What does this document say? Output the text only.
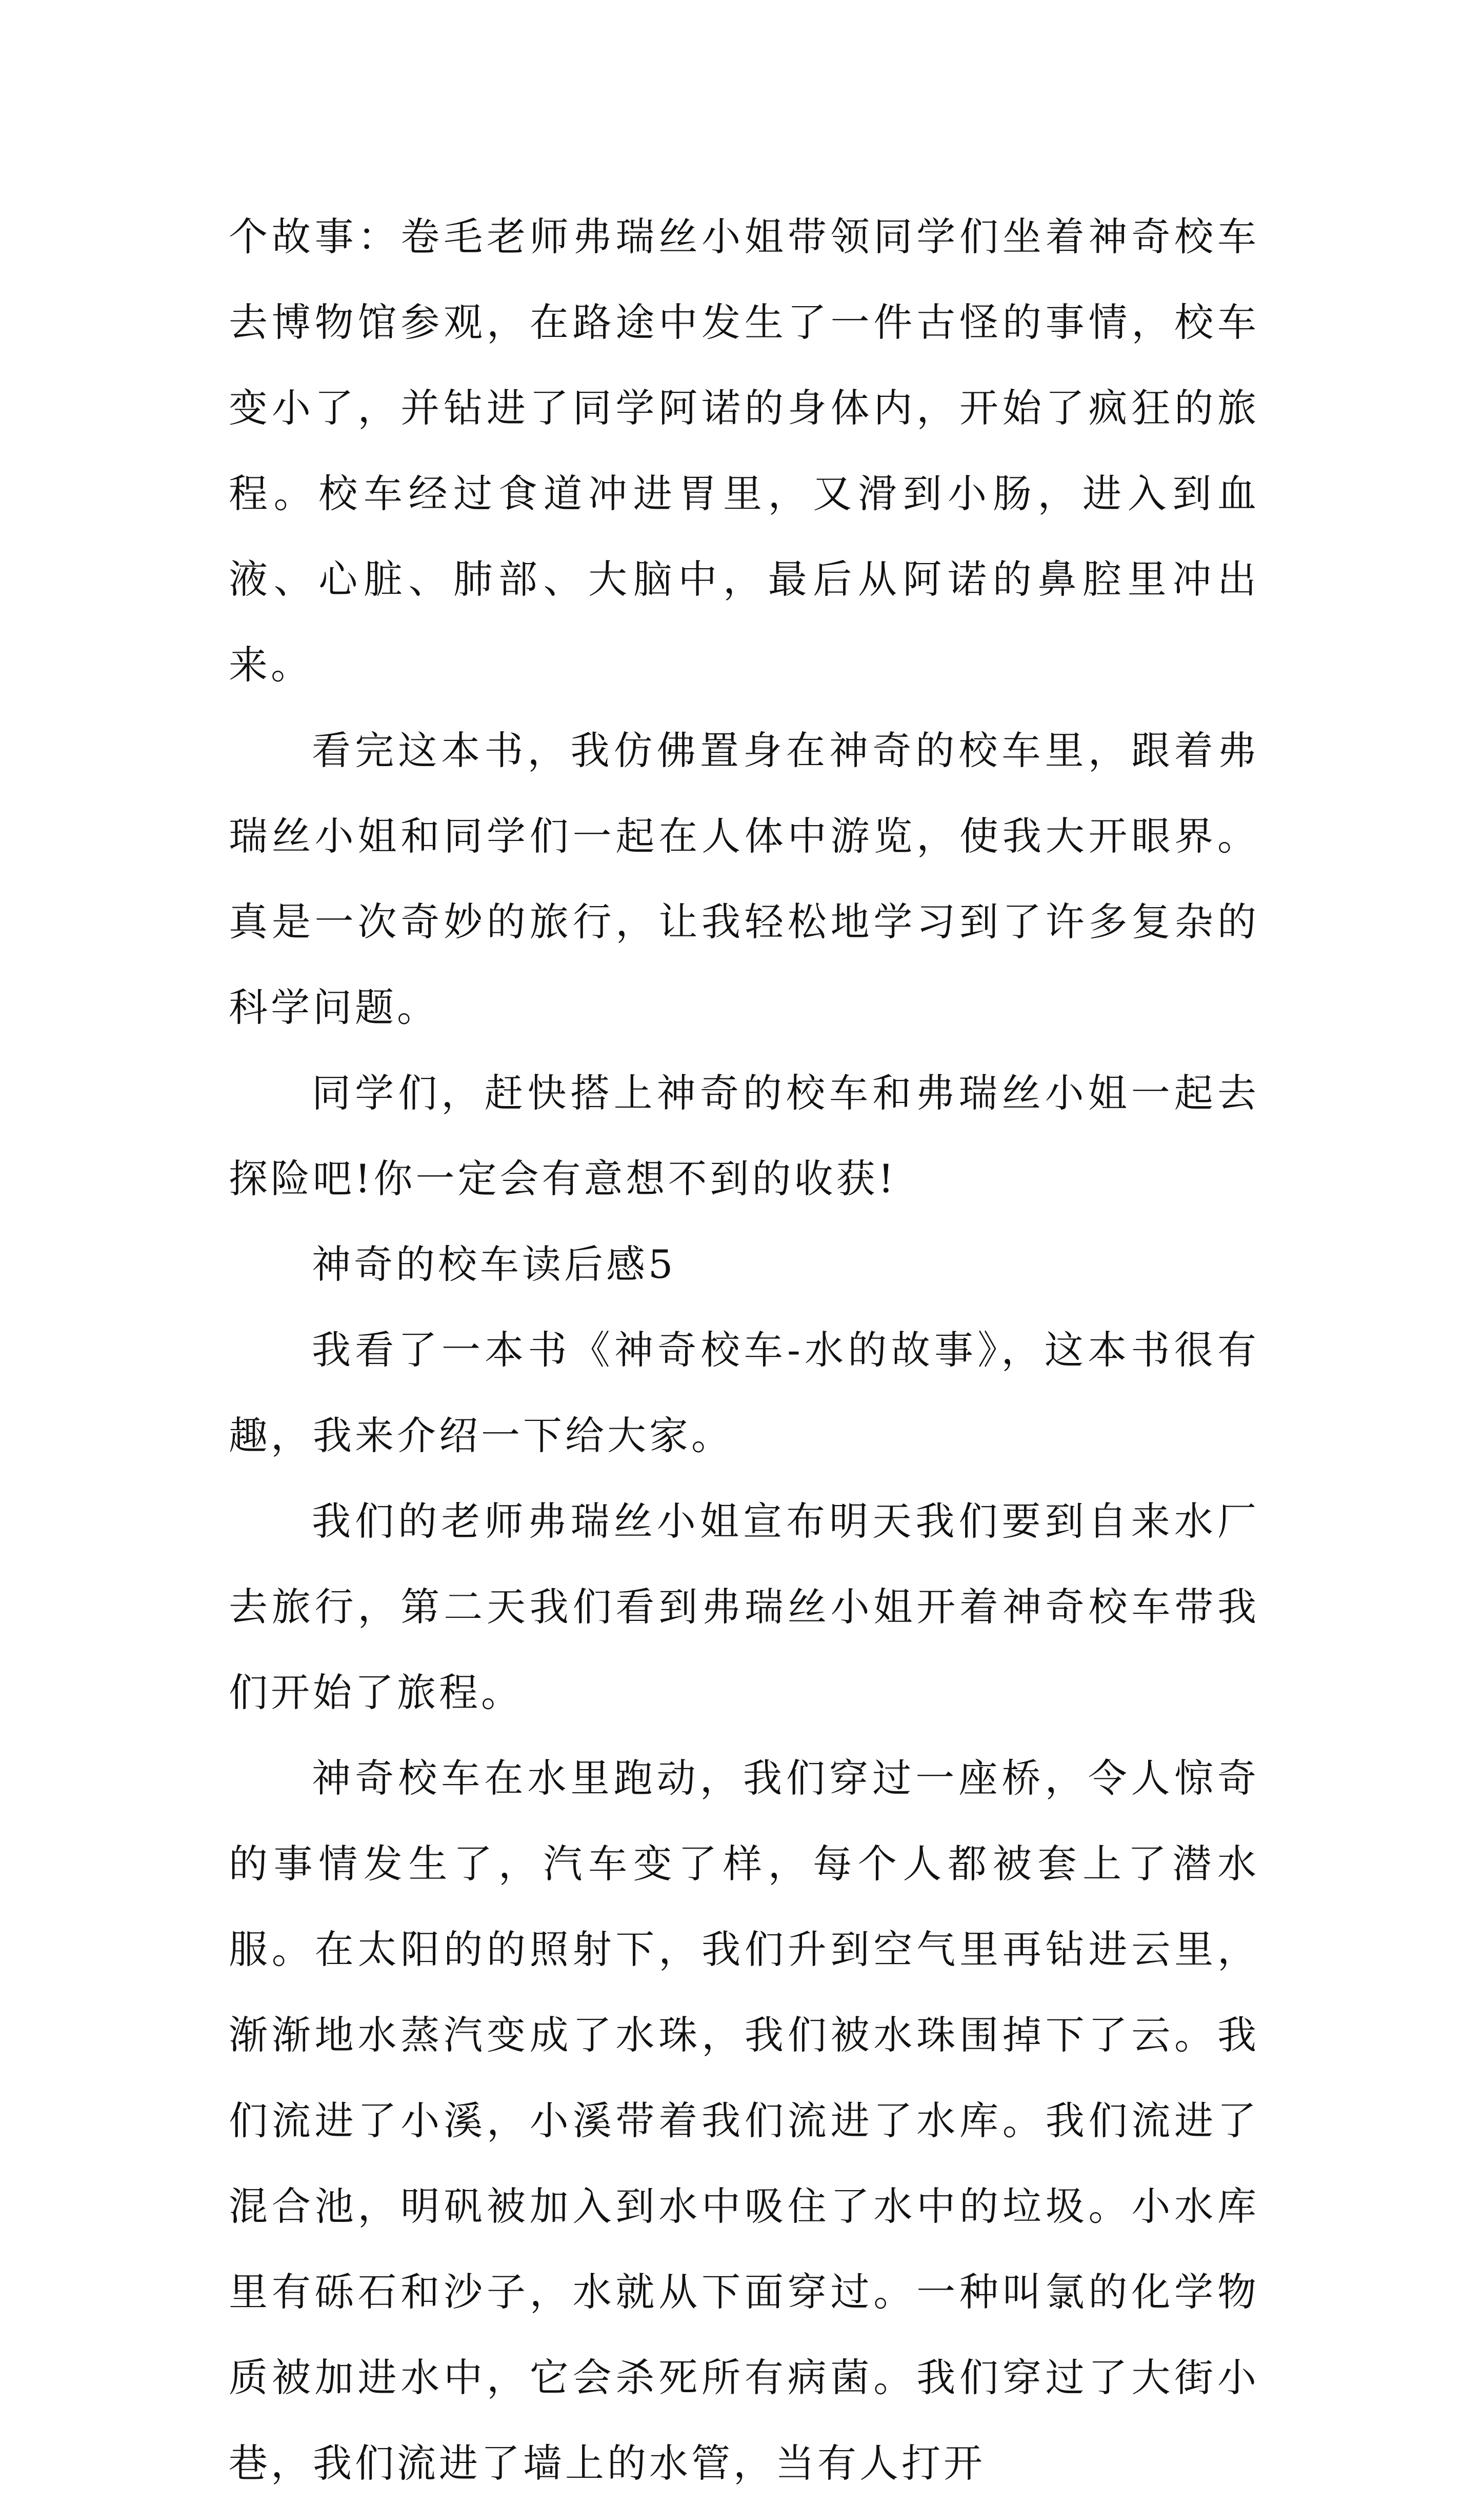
个故事：卷毛老师弗瑞丝小姐带领同学们坐着神奇校车去博物馆参观，在路途中发生了一件古怪的事情，校车变小了，并钻进了同学阿诺的身体内，开始了疯狂的旅程。校车经过食道冲进胃里，又滑到小肠，进入到血液、心脏、肺部、大脑中，最后从阿诺的鼻腔里冲出来。

看完这本书，我仿佛置身在神奇的校车里，跟着弗瑞丝小姐和同学们一起在人体中游览，使我大开眼界。真是一次奇妙的旅行，让我轻松地学习到了许多复杂的科学问题。

同学们，赶快搭上神奇的校车和弗瑞丝小姐一起去探险吧!你一定会有意想不到的收获!

神奇的校车读后感5

我看了一本书《神奇校车-水的故事》，这本书很有趣，我来介绍一下给大家。

我们的老师弗瑞丝小姐宣布明天我们要到自来水厂去旅行，第二天我们看到弗瑞丝小姐开着神奇校车带我们开始了旅程。

神奇校车在水里跑动，我们穿过一座桥，令人惊奇的事情发生了，汽车变了样，每个人都被套上了潜水服。在太阳的的照射下，我们升到空气里再钻进云里，渐渐地水蒸汽变成了水珠，我们被水珠围掉下了云。我们流进了小溪，小溪带着我们流进了水库。我们流进了混合池，明矾被加入到水中吸住了水中的垃圾。小水库里有砾石和沙子，水就从下面穿过。一种叫氯的化学物质被加进水中，它会杀死所有病菌。我们穿过了大街小巷，我们流进了墙上的水管，当有人打开
